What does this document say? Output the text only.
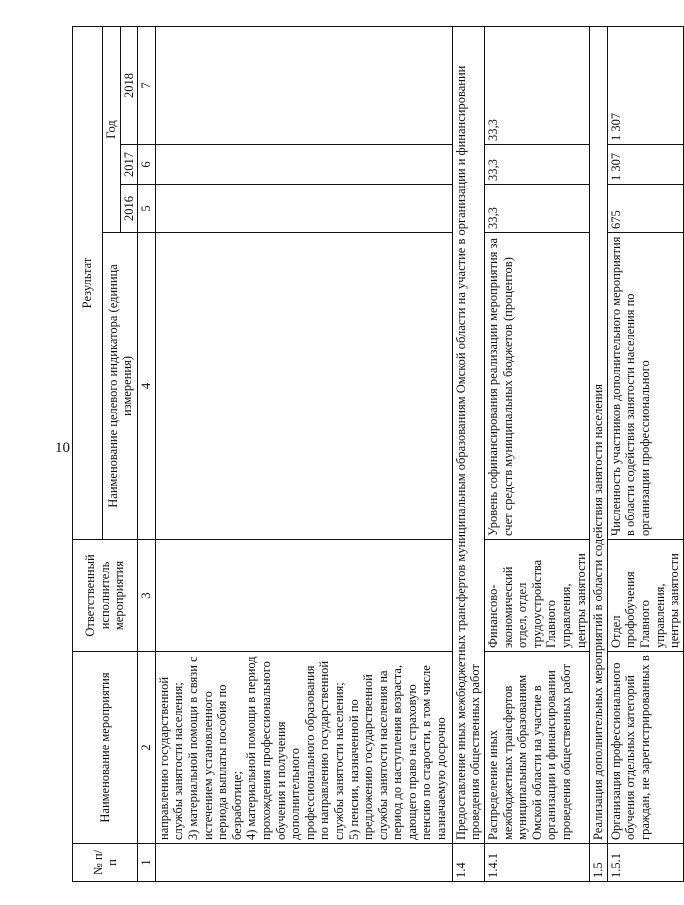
10
№ п/п	Наименование мероприятия	Ответственный исполнитель мероприятия	Результат			
			Наименование целевого индикатора (единица измерения)	Год		
				2016	2017	2018
1	2	3	4	5	6	7
	направлению государственной службы занятости населения;
3) материальной помощи в связи с истечением установленного периода выплаты пособия по безработице;
4) материальной помощи в период прохождения профессионального обучения и получения дополнительного профессионального образования по направлению государственной службы занятости населения;
5) пенсии, назначенной по предложению государственной службы занятости населения на период до наступления возраста, дающего право на страховую пенсию по старости, в том числе назначаемую досрочно					
1.4	Предоставление иных межбюджетных трансфертов муниципальным образованиям Омской области на участие в организации и финансировании проведения общественных работ					
1.4.1	Распределение иных межбюджетных трансфертов муниципальным образованиям Омской области на участие в организации и финансировании проведения общественных работ	Финансово-экономический отдел, отдел трудоустройства Главного управления, центры занятости	Уровень софинансирования реализации мероприятия за счет средств муниципальных бюджетов (процентов)	33,3	33,3	33,3
1.5	Реализация дополнительных мероприятий в области содействия занятости населения					
1.5.1	Организация профессионального обучения отдельных категорий граждан, не зарегистрированных в	Отдел профобучения Главного управления, центры занятости	Численность участников дополнительного мероприятия в области содействия занятости населения по организации профессионального	675	1 307	1 307
